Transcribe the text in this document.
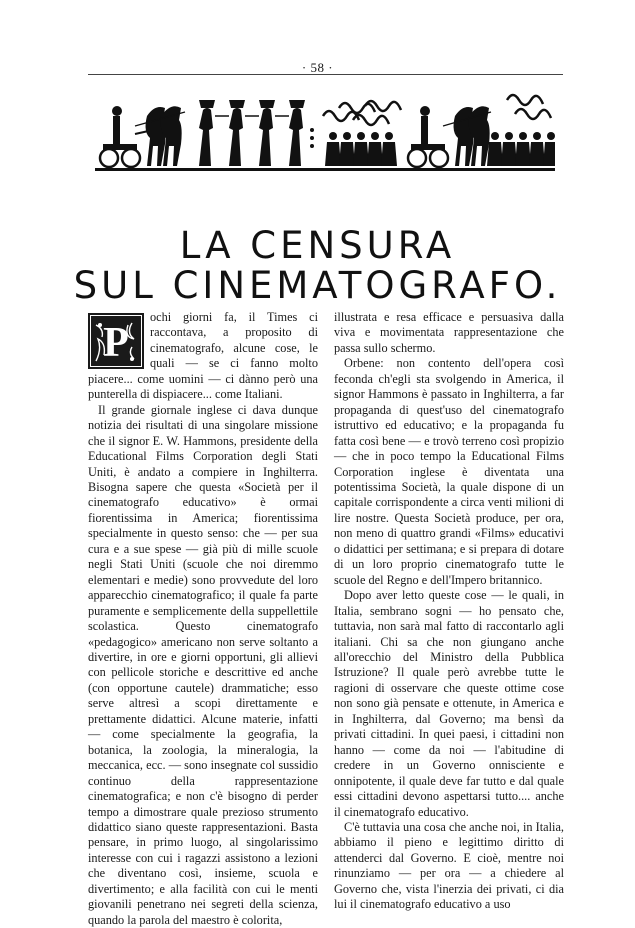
· 58 ·
LA CENSURA
SUL CINEMATOGRAFO.
P

ochi giorni fa, il Times ci raccontava, a proposito di cinematografo, alcune cose, le quali — se ci fanno molto piacere... come uomini — ci dànno però una punterella di dispiacere... come Italiani.

Il grande giornale inglese ci dava dunque notizia dei risultati di una singolare missione che il signor E. W. Hammons, presidente della Educational Films Corporation degli Stati Uniti, è andato a compiere in Inghilterra. Bisogna sapere che questa «Società per il cinematografo educativo» è ormai fiorentissima in America; fiorentissima specialmente in questo senso: che — per sua cura e a sue spese — già più di mille scuole negli Stati Uniti (scuole che noi diremmo elementari e medie) sono provvedute del loro apparecchio cinematografico; il quale fa parte puramente e semplicemente della suppellettile scolastica. Questo cinematografo «pedagogico» americano non serve soltanto a divertire, in ore e giorni opportuni, gli allievi con pellicole storiche e descrittive ed anche (con opportune cautele) drammatiche; esso serve altresì a scopi direttamente e prettamente didattici. Alcune materie, infatti — come specialmente la geografia, la botanica, la zoologia, la mineralogia, la meccanica, ecc. — sono insegnate col sussidio continuo della rappresentazione cinematografica; e non c'è bisogno di perder tempo a dimostrare quale prezioso strumento didattico siano queste rappresentazioni. Basta pensare, in primo luogo, al singolarissimo interesse con cui i ragazzi assistono a lezioni che diventano così, insieme, scuola e divertimento; e alla facilità con cui le menti giovanili penetrano nei segreti della scienza, quando la parola del maestro è colorita,

illustrata e resa efficace e persuasiva dalla viva e movimentata rappresentazione che passa sullo schermo.

Orbene: non contento dell'opera così feconda ch'egli sta svolgendo in America, il signor Hammons è passato in Inghilterra, a far propaganda di quest'uso del cinematografo istruttivo ed educativo; e la propaganda fu fatta così bene — e trovò terreno così propizio — che in poco tempo la Educational Films Corporation inglese è diventata una potentissima Società, la quale dispone di un capitale corrispondente a circa venti milioni di lire nostre. Questa Società produce, per ora, non meno di quattro grandi «Films» educativi o didattici per settimana; e si prepara di dotare di un loro proprio cinematografo tutte le scuole del Regno e dell'Impero britannico.

Dopo aver letto queste cose — le quali, in Italia, sembrano sogni — ho pensato che, tuttavia, non sarà mal fatto di raccontarlo agli italiani. Chi sa che non giungano anche all'orecchio del Ministro della Pubblica Istruzione? Il quale però avrebbe tutte le ragioni di osservare che queste ottime cose non sono già pensate e ottenute, in America e in Inghilterra, dal Governo; ma bensì da privati cittadini. In quei paesi, i cittadini non hanno — come da noi — l'abitudine di credere in un Governo onnisciente e onnipotente, il quale deve far tutto e dal quale essi cittadini devono aspettarsi tutto.... anche il cinematografo educativo.

C'è tuttavia una cosa che anche noi, in Italia, abbiamo il pieno e legittimo diritto di attenderci dal Governo. E cioè, mentre noi rinunziamo — per ora — a chiedere al Governo che, vista l'inerzia dei privati, ci dia lui il cinematografo educativo a uso
